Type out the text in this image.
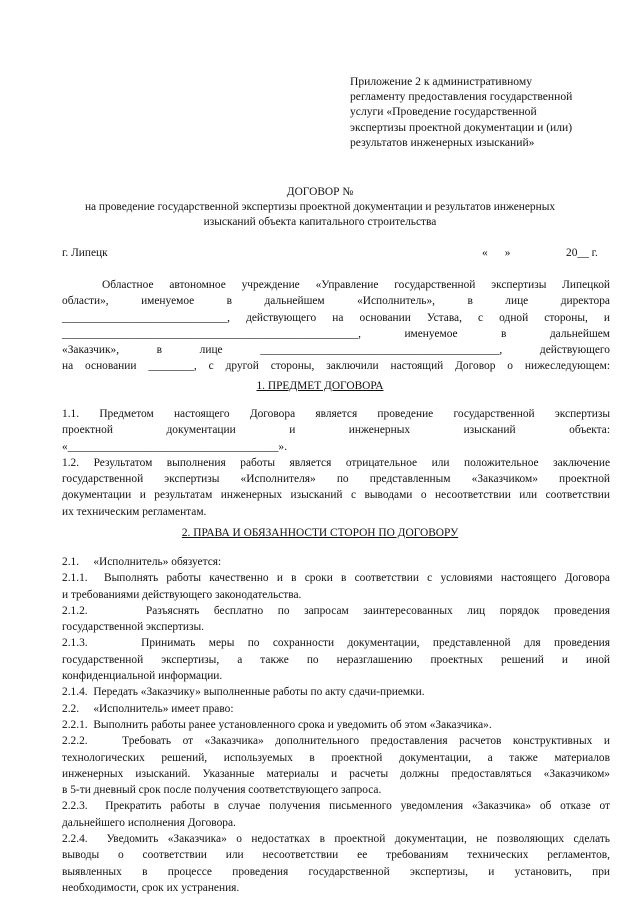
Приложение 2 к административному
регламенту предоставления государственной
услуги «Проведение государственной
экспертизы проектной документации и (или)
результатов инженерных изысканий»
ДОГОВОР №
на проведение государственной экспертизы проектной документации и результатов инженерных
изысканий объекта капитального строительства
г. Липецк	«      »	20__ г.
Областное автономное учреждение «Управление государственной экспертизы Липецкой
области», именуемое в дальнейшем «Исполнитель», в лице директора
_____________________________, действующего на основании Устава, с одной стороны, и
____________________________________________________, именуемое в дальнейшем
«Заказчик», в лице __________________________________________, действующего
на основании ________, с другой стороны, заключили настоящий Договор о нижеследующем:
1. ПРЕДМЕТ ДОГОВОРА
1.1. Предметом настоящего Договора является проведение государственной экспертизы
проектной документации и инженерных изысканий объекта:
«_____________________________________».
1.2. Результатом выполнения работы является отрицательное или положительное заключение
государственной экспертизы «Исполнителя» по представленным «Заказчиком» проектной
документации и результатам инженерных изысканий с выводами о несоответствии или соответствии
их техническим регламентам.
2. ПРАВА И ОБЯЗАННОСТИ СТОРОН ПО ДОГОВОРУ
2.1.     «Исполнитель» обязуется:
2.1.1.  Выполнять работы качественно и в сроки в соответствии с условиями настоящего Договора
и требованиями действующего законодательства.
2.1.2.    Разъяснять бесплатно по запросам заинтересованных лиц порядок проведения
государственной экспертизы.
2.1.3.    Принимать меры по сохранности документации, представленной для проведения
государственной экспертизы, а также по неразглашению проектных решений и иной
конфиденциальной информации.
2.1.4.  Передать «Заказчику» выполненные работы по акту сдачи-приемки.
2.2.     «Исполнитель» имеет право:
2.2.1.  Выполнить работы ранее установленного срока и уведомить об этом «Заказчика».
2.2.2.   Требовать от «Заказчика» дополнительного предоставления расчетов конструктивных и
технологических решений, используемых в проектной документации, а также материалов
инженерных изысканий. Указанные материалы и расчеты должны предоставляться «Заказчиком»
в 5-ти дневный срок после получения соответствующего запроса.
2.2.3.  Прекратить работы в случае получения письменного уведомления «Заказчика» об отказе от
дальнейшего исполнения Договора.
2.2.4.  Уведомить «Заказчика» о недостатках в проектной документации, не позволяющих сделать
выводы о соответствии или несоответствии ее требованиям технических регламентов,
выявленных в процессе проведения государственной экспертизы, и установить, при
необходимости, срок их устранения.
